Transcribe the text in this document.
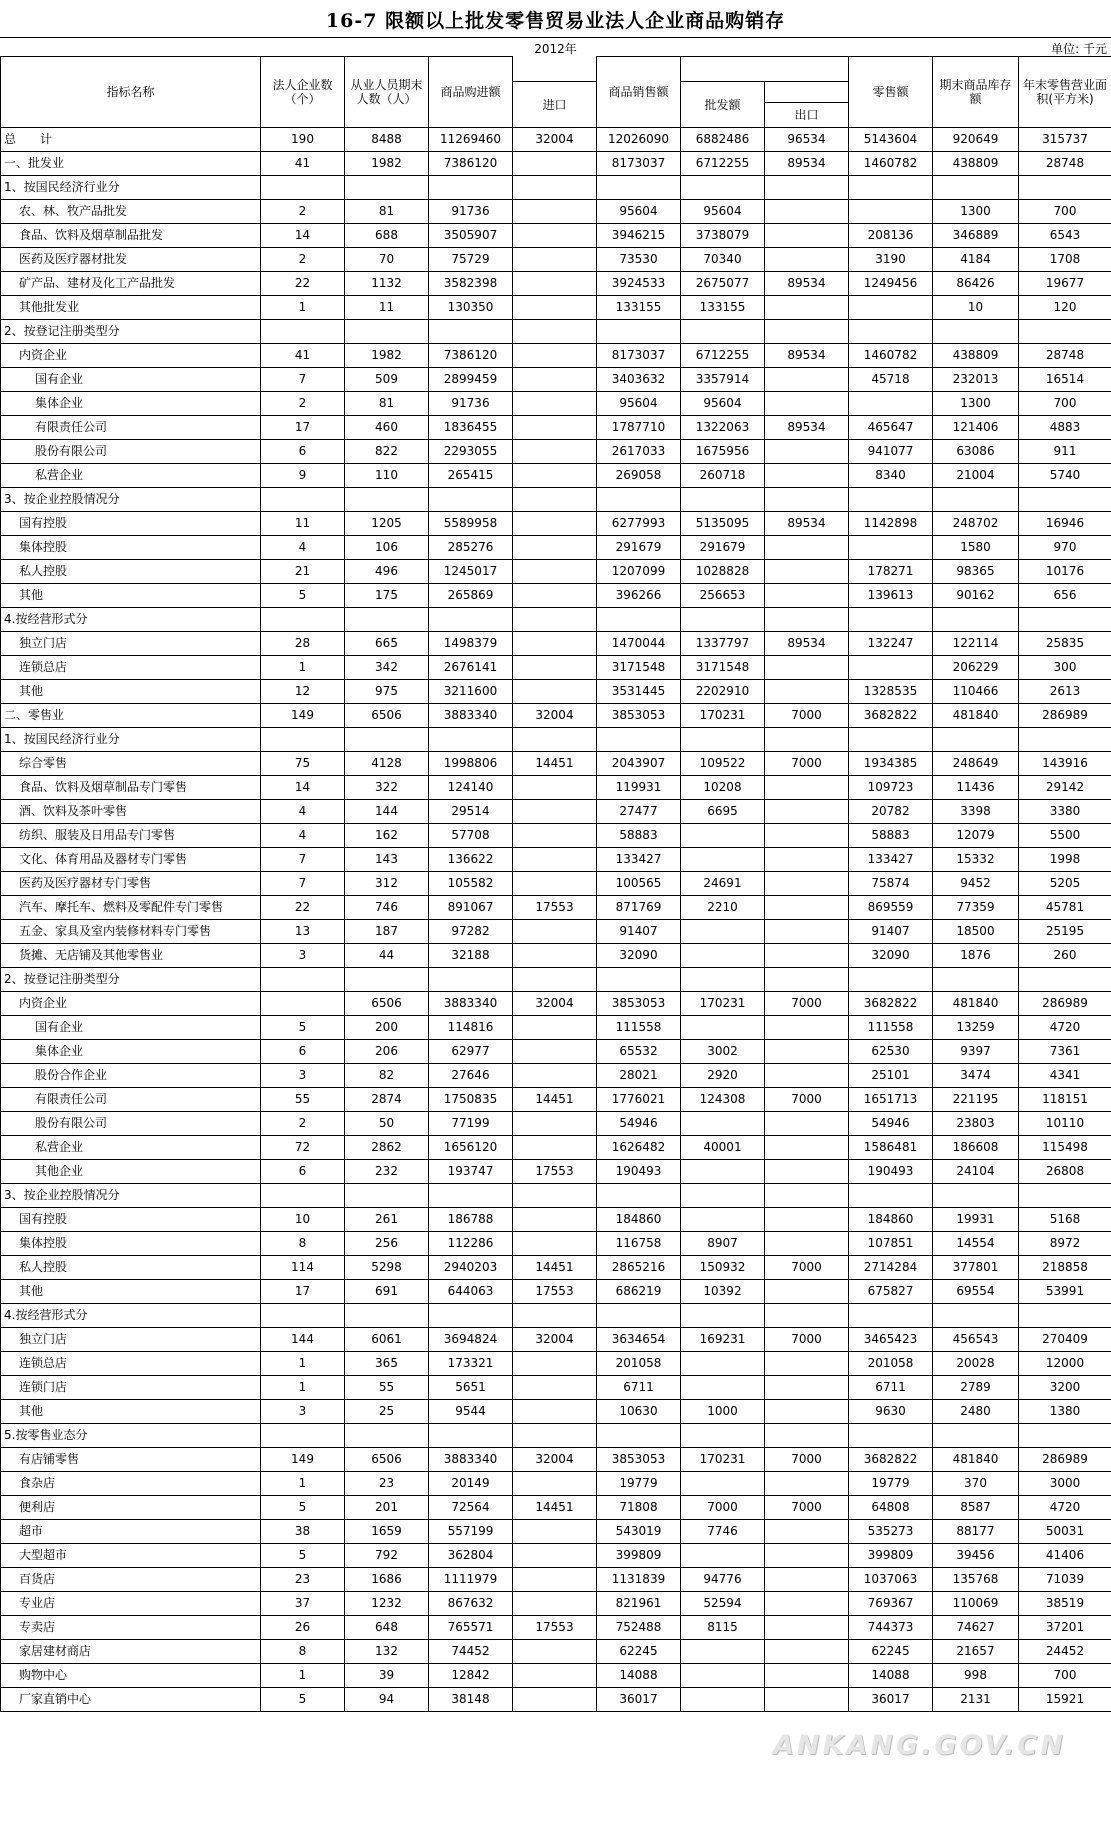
16-7 限额以上批发零售贸易业法人企业商品购销存
2012年	单位: 千元
指标名称	法人企业数（个）	从业人员期末人数（人）	商品购进额		商品销售额			零售额	期末商品库存额	年末零售营业面积(平方米)
				进口		批发额				
							出口			
总　　计	190	8488	11269460	32004	12026090	6882486	96534	5143604	920649	315737
一、批发业	41	1982	7386120		8173037	6712255	89534	1460782	438809	28748
1、按国民经济行业分										
农、林、牧产品批发	2	81	91736		95604	95604			1300	700
食品、饮料及烟草制品批发	14	688	3505907		3946215	3738079		208136	346889	6543
医药及医疗器材批发	2	70	75729		73530	70340		3190	4184	1708
矿产品、建材及化工产品批发	22	1132	3582398		3924533	2675077	89534	1249456	86426	19677
其他批发业	1	11	130350		133155	133155			10	120
2、按登记注册类型分										
内资企业	41	1982	7386120		8173037	6712255	89534	1460782	438809	28748
国有企业	7	509	2899459		3403632	3357914		45718	232013	16514
集体企业	2	81	91736		95604	95604			1300	700
有限责任公司	17	460	1836455		1787710	1322063	89534	465647	121406	4883
股份有限公司	6	822	2293055		2617033	1675956		941077	63086	911
私营企业	9	110	265415		269058	260718		8340	21004	5740
3、按企业控股情况分										
国有控股	11	1205	5589958		6277993	5135095	89534	1142898	248702	16946
集体控股	4	106	285276		291679	291679			1580	970
私人控股	21	496	1245017		1207099	1028828		178271	98365	10176
其他	5	175	265869		396266	256653		139613	90162	656
4.按经营形式分										
独立门店	28	665	1498379		1470044	1337797	89534	132247	122114	25835
连锁总店	1	342	2676141		3171548	3171548			206229	300
其他	12	975	3211600		3531445	2202910		1328535	110466	2613
二、零售业	149	6506	3883340	32004	3853053	170231	7000	3682822	481840	286989
1、按国民经济行业分										
综合零售	75	4128	1998806	14451	2043907	109522	7000	1934385	248649	143916
食品、饮料及烟草制品专门零售	14	322	124140		119931	10208		109723	11436	29142
酒、饮料及茶叶零售	4	144	29514		27477	6695		20782	3398	3380
纺织、服装及日用品专门零售	4	162	57708		58883			58883	12079	5500
文化、体育用品及器材专门零售	7	143	136622		133427			133427	15332	1998
医药及医疗器材专门零售	7	312	105582		100565	24691		75874	9452	5205
汽车、摩托车、燃料及零配件专门零售	22	746	891067	17553	871769	2210		869559	77359	45781
五金、家具及室内装修材料专门零售	13	187	97282		91407			91407	18500	25195
货摊、无店铺及其他零售业	3	44	32188		32090			32090	1876	260
2、按登记注册类型分										
内资企业		6506	3883340	32004	3853053	170231	7000	3682822	481840	286989
国有企业	5	200	114816		111558			111558	13259	4720
集体企业	6	206	62977		65532	3002		62530	9397	7361
股份合作企业	3	82	27646		28021	2920		25101	3474	4341
有限责任公司	55	2874	1750835	14451	1776021	124308	7000	1651713	221195	118151
股份有限公司	2	50	77199		54946			54946	23803	10110
私营企业	72	2862	1656120		1626482	40001		1586481	186608	115498
其他企业	6	232	193747	17553	190493			190493	24104	26808
3、按企业控股情况分										
国有控股	10	261	186788		184860			184860	19931	5168
集体控股	8	256	112286		116758	8907		107851	14554	8972
私人控股	114	5298	2940203	14451	2865216	150932	7000	2714284	377801	218858
其他	17	691	644063	17553	686219	10392		675827	69554	53991
4.按经营形式分										
独立门店	144	6061	3694824	32004	3634654	169231	7000	3465423	456543	270409
连锁总店	1	365	173321		201058			201058	20028	12000
连锁门店	1	55	5651		6711			6711	2789	3200
其他	3	25	9544		10630	1000		9630	2480	1380
5.按零售业态分										
有店铺零售	149	6506	3883340	32004	3853053	170231	7000	3682822	481840	286989
食杂店	1	23	20149		19779			19779	370	3000
便利店	5	201	72564	14451	71808	7000	7000	64808	8587	4720
超市	38	1659	557199		543019	7746		535273	88177	50031
大型超市	5	792	362804		399809			399809	39456	41406
百货店	23	1686	1111979		1131839	94776		1037063	135768	71039
专业店	37	1232	867632		821961	52594		769367	110069	38519
专卖店	26	648	765571	17553	752488	8115		744373	74627	37201
家居建材商店	8	132	74452		62245			62245	21657	24452
购物中心	1	39	12842		14088			14088	998	700
厂家直销中心	5	94	38148		36017			36017	2131	15921
ANKANG.GOV.CN
